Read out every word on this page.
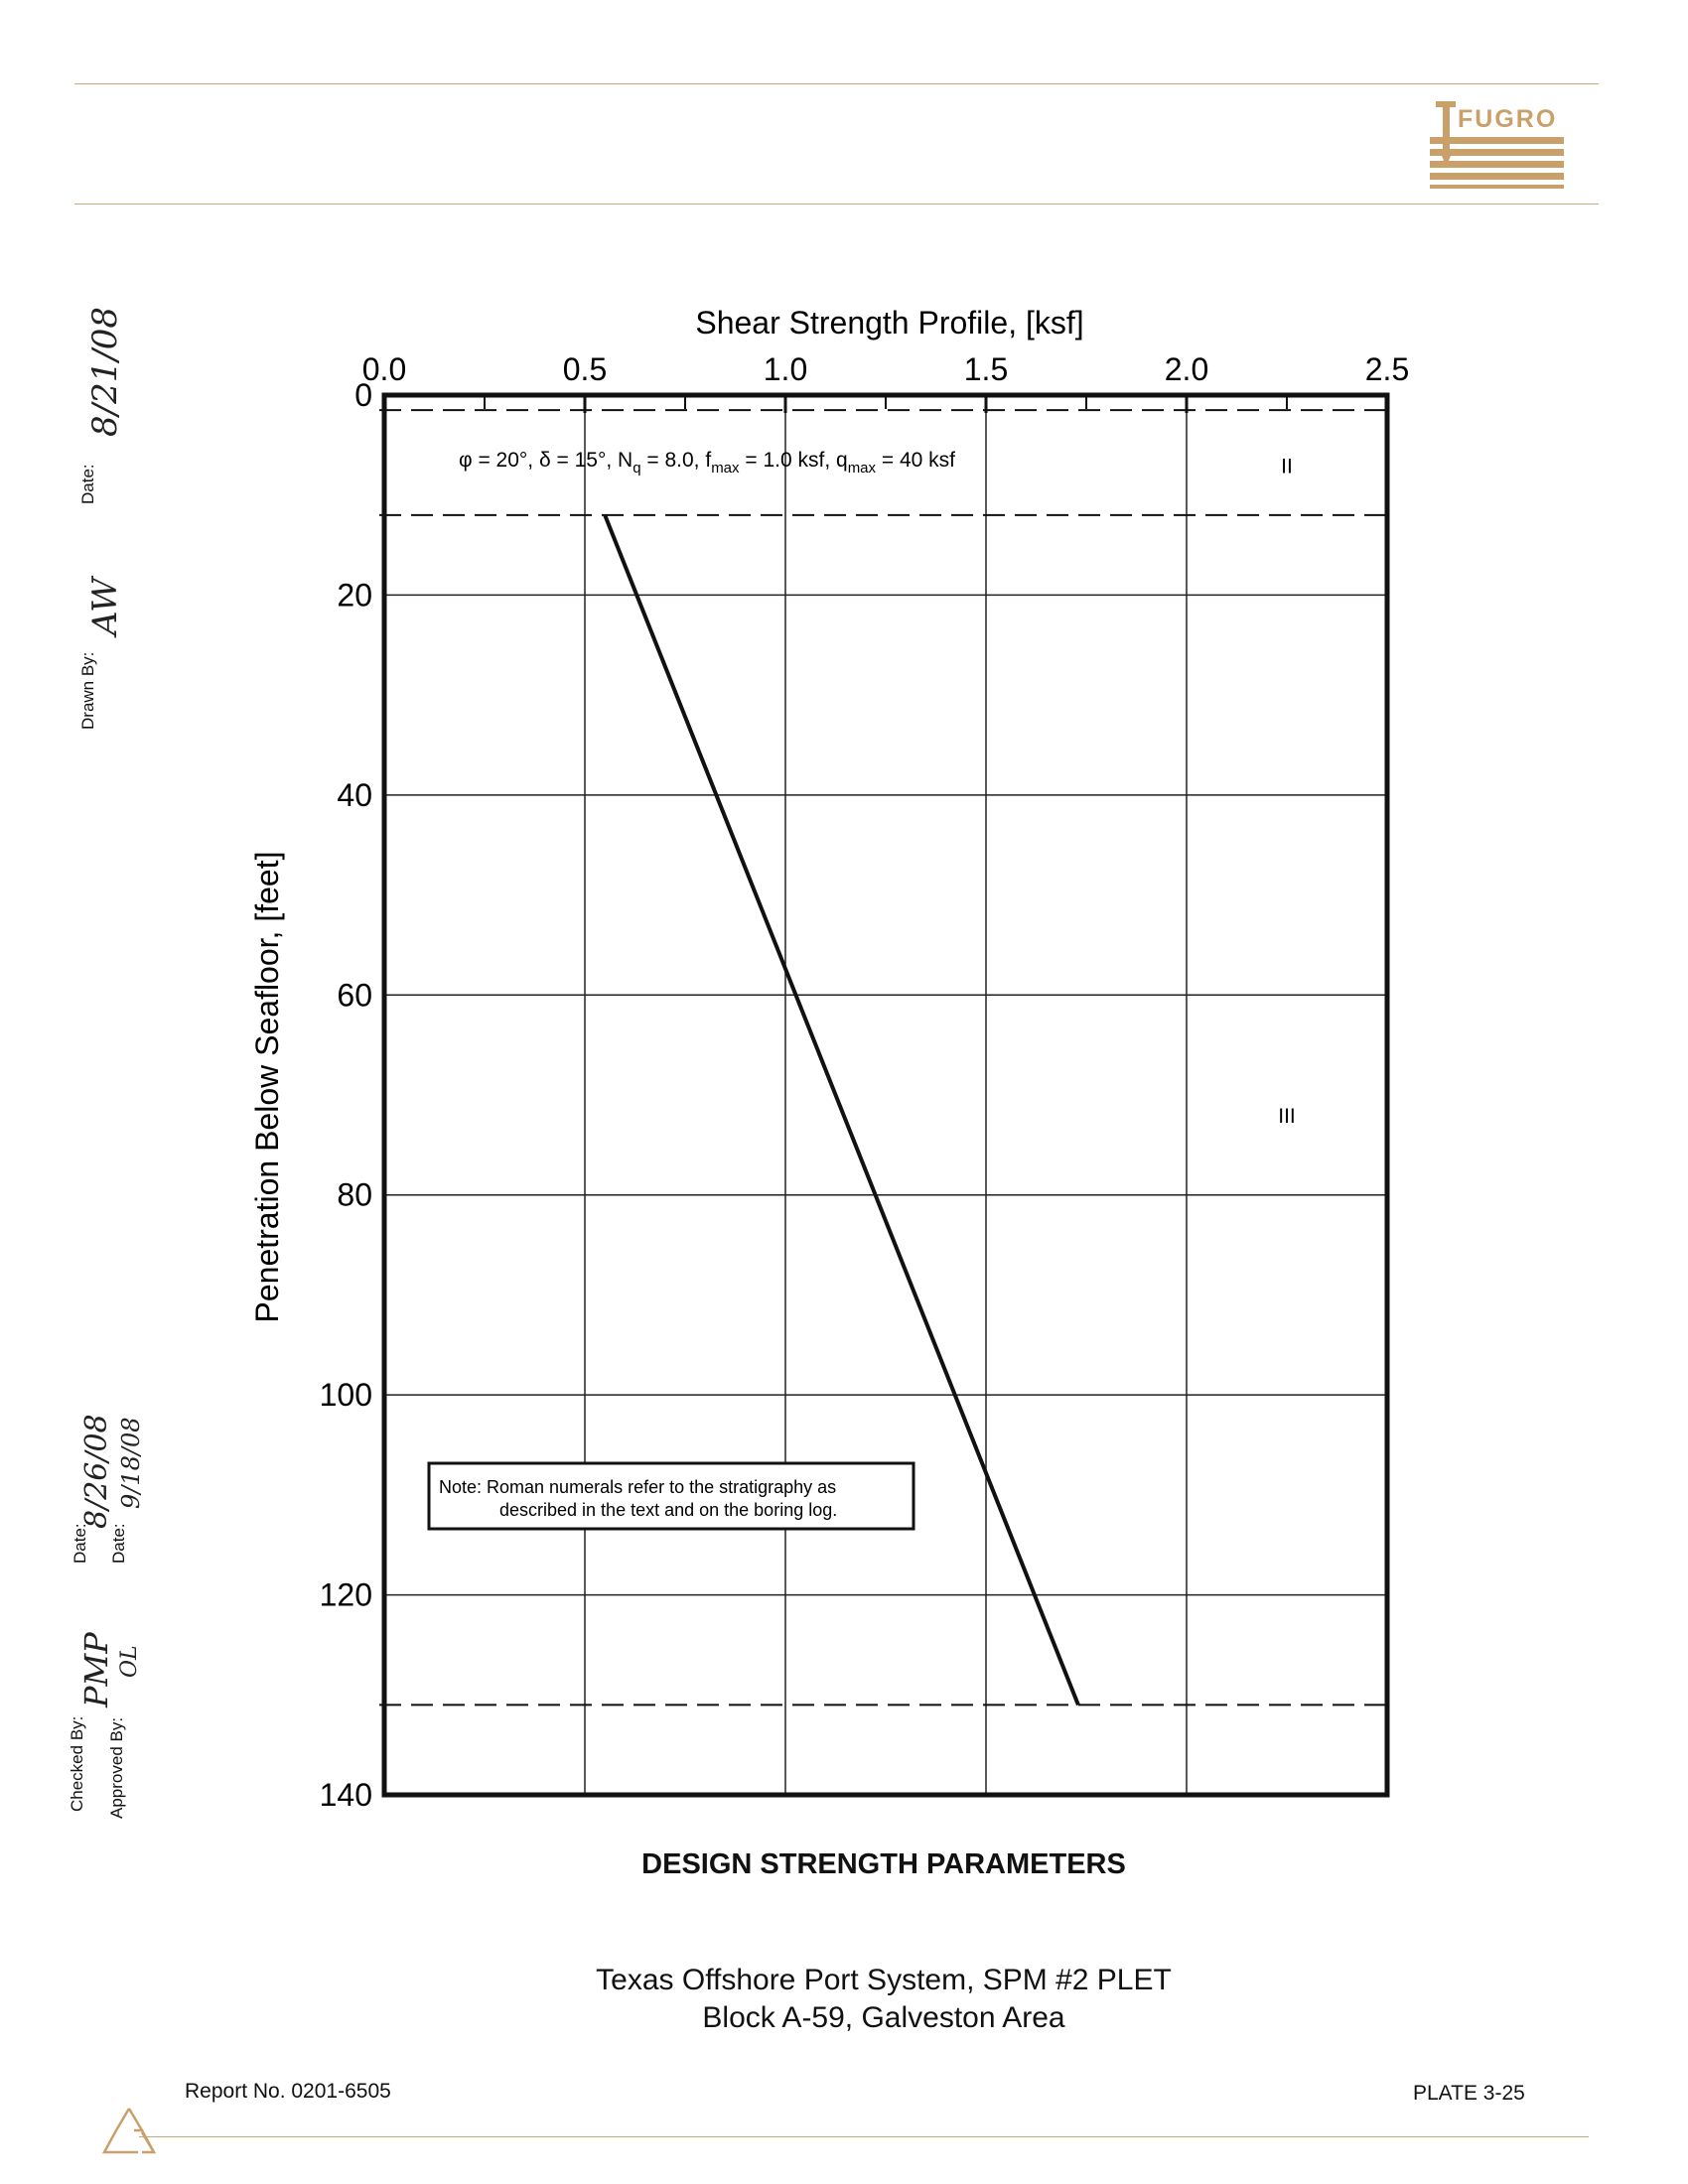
FUGRO
Date:
8/21/08
Drawn By:
AW
Date:
8/26/08
Date:
9/18/08
Checked By:
PMP
Approved By:
OL
0.0	0.5	1.0	1.5	2.0	2.5
0
20
40
60
80
100
120
140
II
III
Shear Strength Profile, [ksf]
Penetration Below Seafloor, [feet]
φ = 20°, δ = 15°, $N_q = 8.0$, $f_{max} = 1.0$ ksf, $q_{max} = 40$ ksf
Note: Roman numerals refer to the stratigraphy as
described in the text and on the boring log.
DESIGN STRENGTH PARAMETERS
Texas Offshore Port System, SPM #2 PLET
Block A-59, Galveston Area
Report No. 0201-6505	PLATE 3-25
